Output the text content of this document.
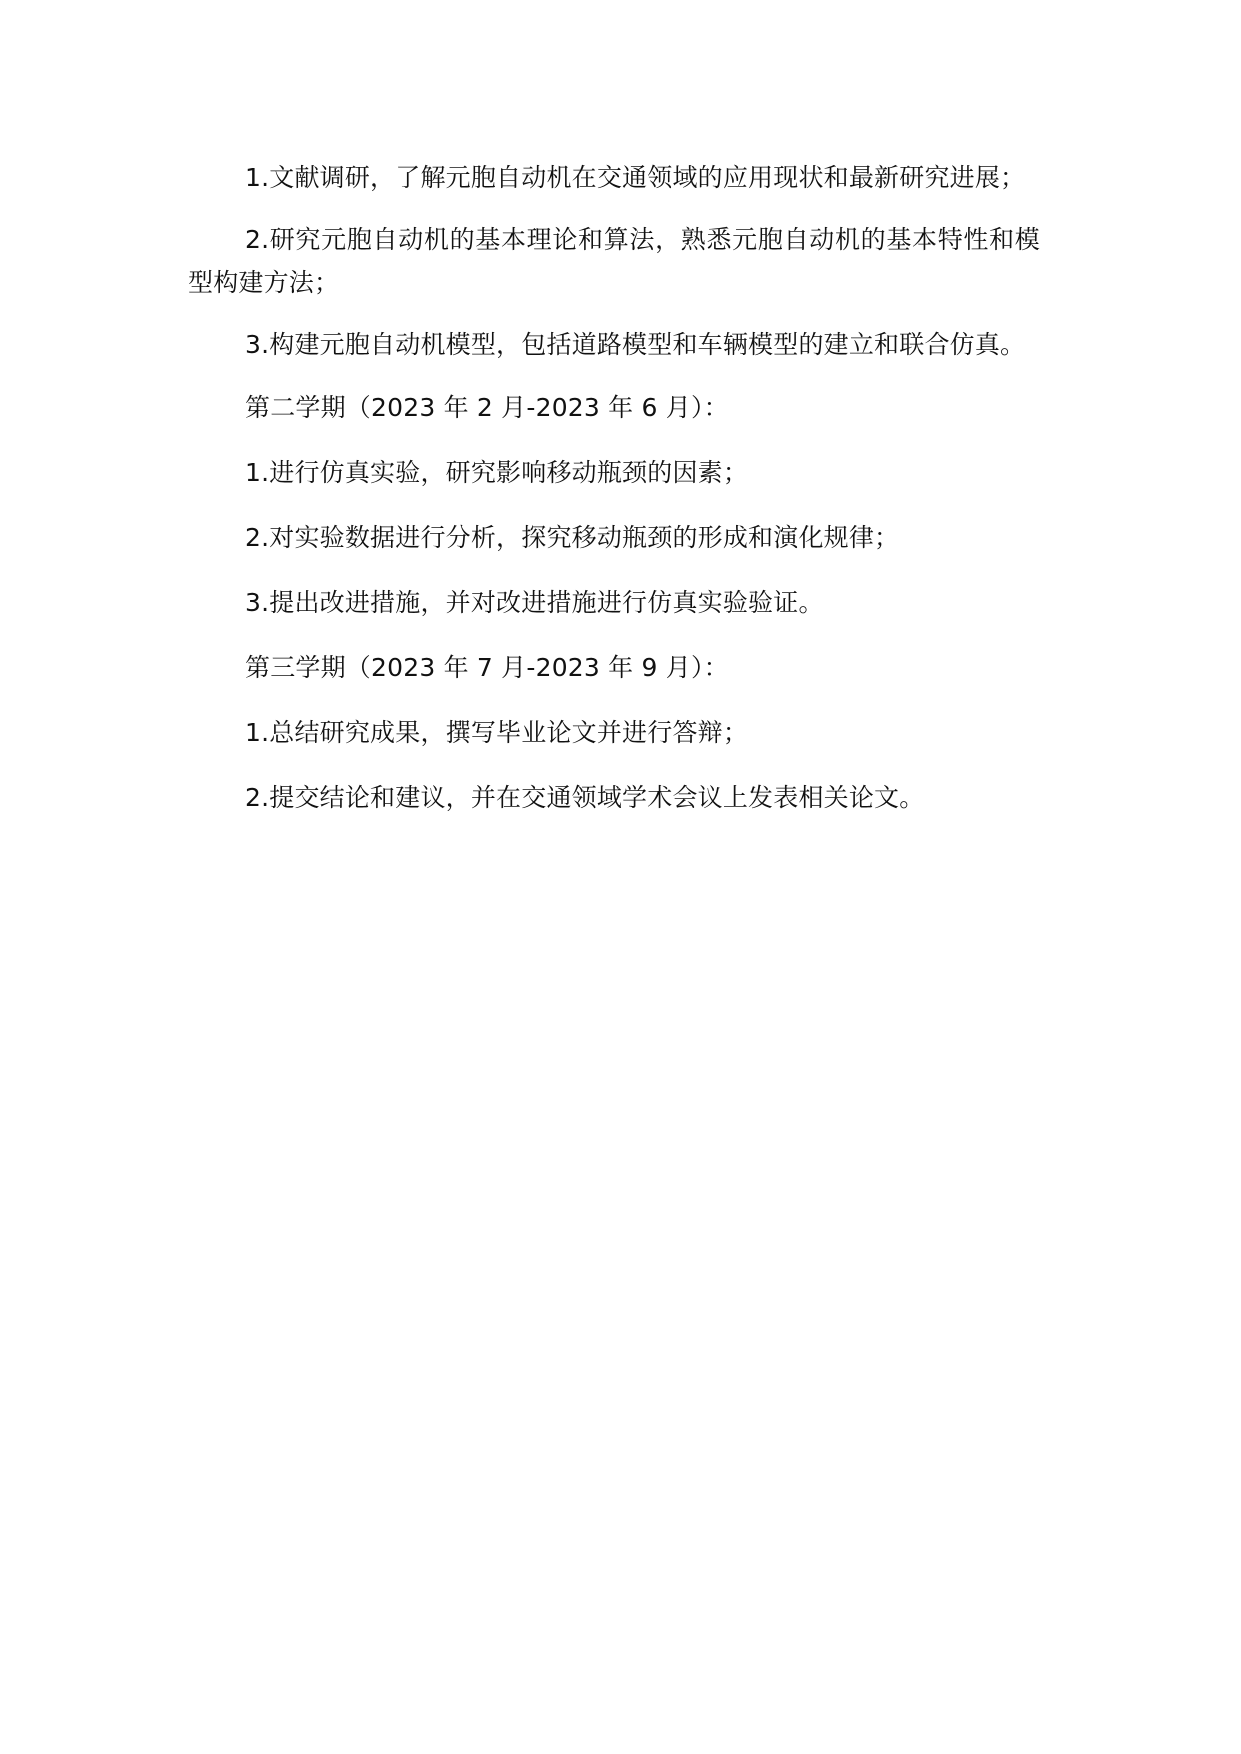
1.文献调研，了解元胞自动机在交通领域的应用现状和最新研究进展；

2.研究元胞自动机的基本理论和算法，熟悉元胞自动机的基本特性和模型构建方法；

3.构建元胞自动机模型，包括道路模型和车辆模型的建立和联合仿真。

第二学期（2023 年 2 月-2023 年 6 月）：

1.进行仿真实验，研究影响移动瓶颈的因素；

2.对实验数据进行分析，探究移动瓶颈的形成和演化规律；

3.提出改进措施，并对改进措施进行仿真实验验证。

第三学期（2023 年 7 月-2023 年 9 月）：

1.总结研究成果，撰写毕业论文并进行答辩；

2.提交结论和建议，并在交通领域学术会议上发表相关论文。
